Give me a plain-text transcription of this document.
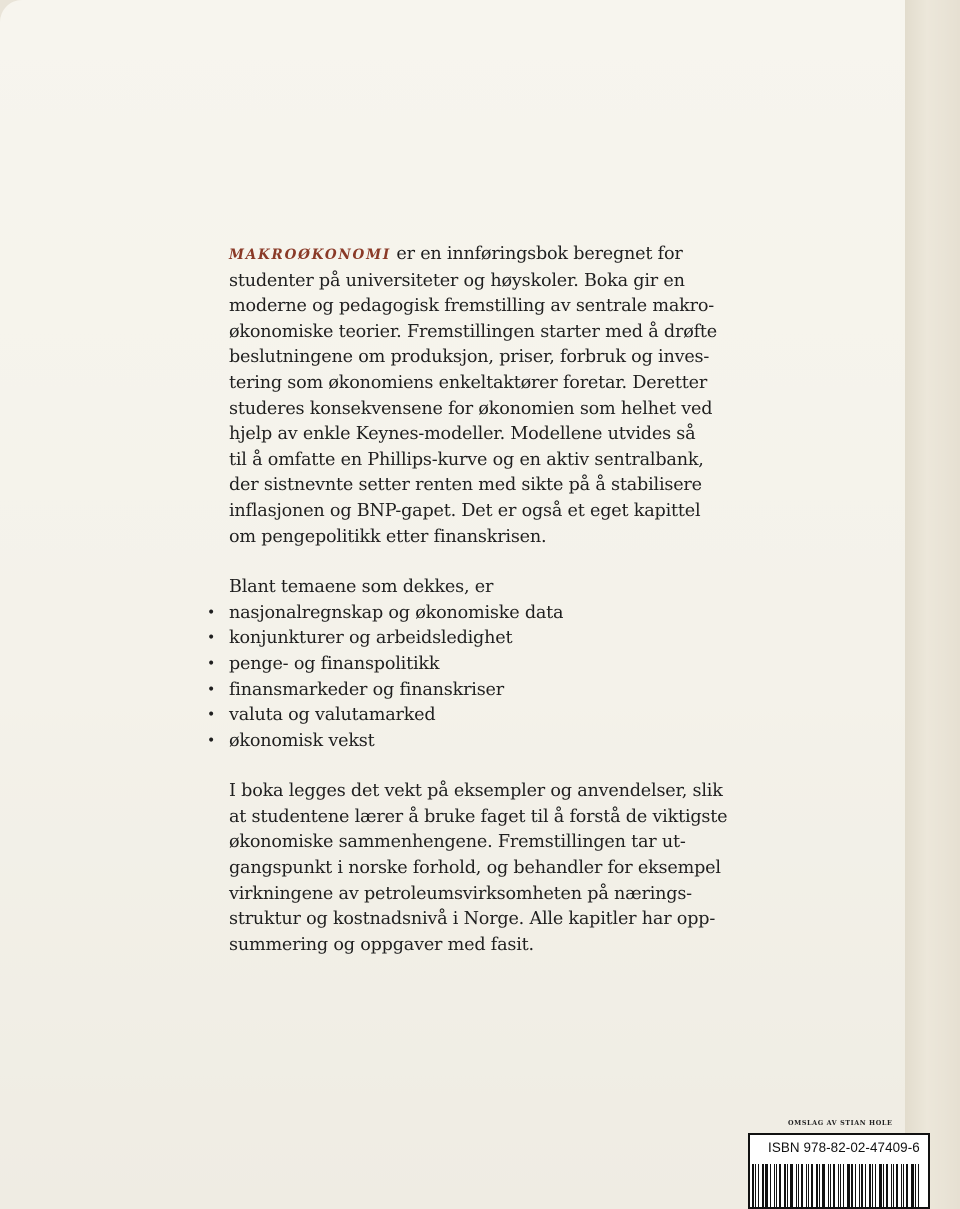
MAKROØKONOMI er en innføringsbok beregnet for
studenter på universiteter og høyskoler. Boka gir en
moderne og pedagogisk fremstilling av sentrale makro-
økonomiske teorier. Fremstillingen starter med å drøfte
beslutningene om produksjon, priser, forbruk og inves-
tering som økonomiens enkeltaktører foretar. Deretter
studeres konsekvensene for økonomien som helhet ved
hjelp av enkle Keynes-modeller. Modellene utvides så
til å omfatte en Phillips-kurve og en aktiv sentralbank,
der sistnevnte setter renten med sikte på å stabilisere
inflasjonen og BNP-gapet. Det er også et eget kapittel
om pengepolitikk etter finanskrisen.
Blant temaene som dekkes, er
• nasjonalregnskap og økonomiske data
• konjunkturer og arbeidsledighet
• penge- og finanspolitikk
• finansmarkeder og finanskriser
• valuta og valutamarked
• økonomisk vekst
I boka legges det vekt på eksempler og anvendelser, slik
at studentene lærer å bruke faget til å forstå de viktigste
økonomiske sammenhengene. Fremstillingen tar ut-
gangspunkt i norske forhold, og behandler for eksempel
virkningene av petroleumsvirksomheten på nærings-
struktur og kostnadsnivå i Norge. Alle kapitler har opp-
summering og oppgaver med fasit.
OMSLAG AV STIAN HOLE
ISBN 978-82-02-47409-6
